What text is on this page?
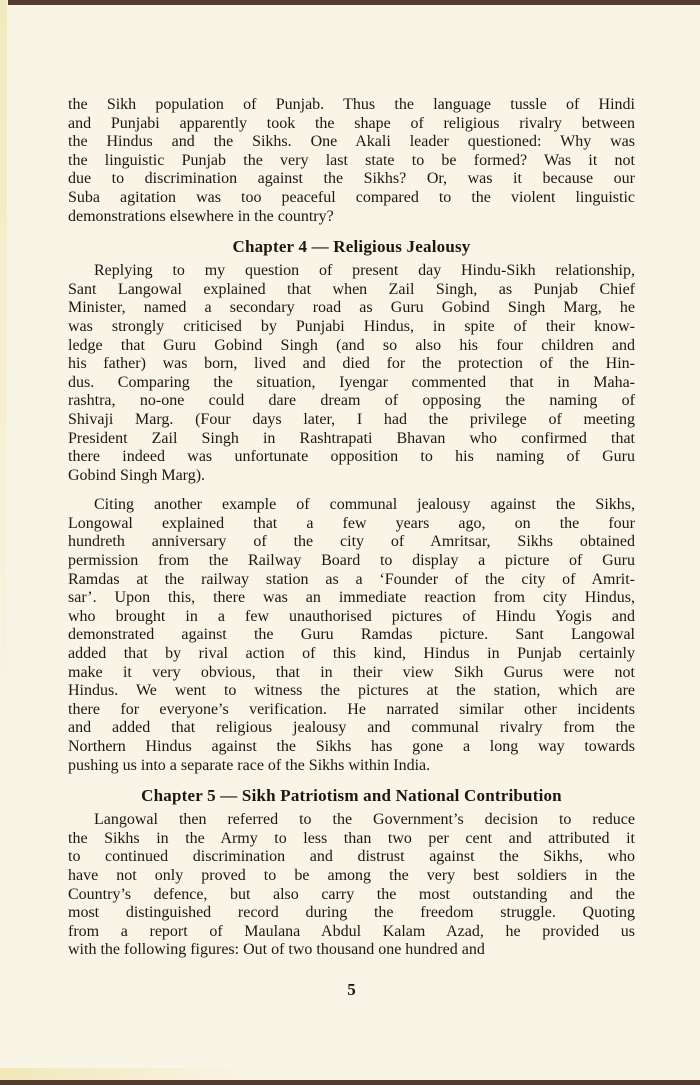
the Sikh population of Punjab. Thus the language tussle of Hindi
and Punjabi apparently took the shape of religious rivalry between
the Hindus and the Sikhs. One Akali leader questioned: Why was
the linguistic Punjab the very last state to be formed? Was it not
due to discrimination against the Sikhs? Or, was it because our
Suba agitation was too peaceful compared to the violent linguistic
demonstrations elsewhere in the country?
Chapter 4 — Religious Jealousy
Replying to my question of present day Hindu-Sikh relationship,
Sant Langowal explained that when Zail Singh, as Punjab Chief
Minister, named a secondary road as Guru Gobind Singh Marg, he
was strongly criticised by Punjabi Hindus, in spite of their know-
ledge that Guru Gobind Singh (and so also his four children and
his father) was born, lived and died for the protection of the Hin-
dus. Comparing the situation, Iyengar commented that in Maha-
rashtra, no-one could dare dream of opposing the naming of
Shivaji Marg. (Four days later, I had the privilege of meeting
President Zail Singh in Rashtrapati Bhavan who confirmed that
there indeed was unfortunate opposition to his naming of Guru
Gobind Singh Marg).
Citing another example of communal jealousy against the Sikhs,
Longowal explained that a few years ago, on the four
hundreth anniversary of the city of Amritsar, Sikhs obtained
permission from the Railway Board to display a picture of Guru
Ramdas at the railway station as a ‘Founder of the city of Amrit-
sar’. Upon this, there was an immediate reaction from city Hindus,
who brought in a few unauthorised pictures of Hindu Yogis and
demonstrated against the Guru Ramdas picture. Sant Langowal
added that by rival action of this kind, Hindus in Punjab certainly
make it very obvious, that in their view Sikh Gurus were not
Hindus. We went to witness the pictures at the station, which are
there for everyone’s verification. He narrated similar other incidents
and added that religious jealousy and communal rivalry from the
Northern Hindus against the Sikhs has gone a long way towards
pushing us into a separate race of the Sikhs within India.
Chapter 5 — Sikh Patriotism and National Contribution
Langowal then referred to the Government’s decision to reduce
the Sikhs in the Army to less than two per cent and attributed it
to continued discrimination and distrust against the Sikhs, who
have not only proved to be among the very best soldiers in the
Country’s defence, but also carry the most outstanding and the
most distinguished record during the freedom struggle. Quoting
from a report of Maulana Abdul Kalam Azad, he provided us
with the following figures: Out of two thousand one hundred and
5
